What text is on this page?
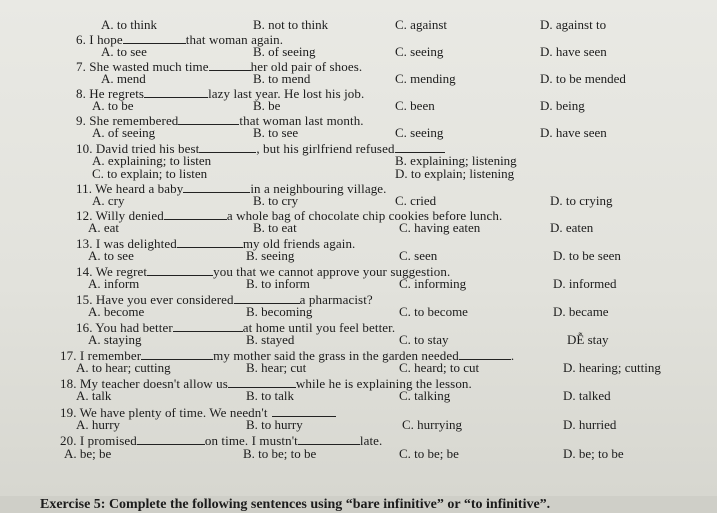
A. to think	B. not to think	C. against	D. against to
6. I hope	that woman again.
A. to see	B. of seeing	C. seeing	D. have seen
7. She wasted much time	her old pair of shoes.
A. mend	B. to mend	C. mending	D. to be mended
8. He regrets	lazy last year. He lost his job.
A. to be	B. be	C. been	D. being
9. She remembered	that woman last month.
A. of seeing	B. to see	C. seeing	D. have seen
10. David tried his best	, but his girlfriend refused
A. explaining; to listen	B. explaining; listening
C. to explain; to listen	D. to explain; listening
11. We heard a baby	in a neighbouring village.
A. cry	B. to cry	C. cried	D. to crying
12. Willy denied	a whole bag of chocolate chip cookies before lunch.
A. eat	B. to eat	C. having eaten	D. eaten
13. I was delighted	my old friends again.
A. to see	B. seeing	C. seen	D. to be seen
14. We regret	you that we cannot approve your suggestion.
A. inform	B. to inform	C. informing	D. informed
15. Have you ever considered	a pharmacist?
A. become	B. becoming	C. to become	D. became
16. You had better	at home until you feel better.
A. staying	B. stayed	C. to stay	DỄ stay
17. I remember	my mother said the grass in the garden needed	.
A. to hear; cutting	B. hear; cut	C. heard; to cut	D. hearing; cutting
18. My teacher doesn't allow us	while he is explaining the lesson.
A. talk	B. to talk	C. talking	D. talked
19. We have plenty of time. We needn't
A. hurry	B. to hurry	C. hurrying	D. hurried
20. I promised	on time. I mustn't	late.
A. be; be	B. to be; to be	C. to be; be	D. be; to be
Exercise 5: Complete the following sentences using “bare infinitive” or “to infinitive”.
